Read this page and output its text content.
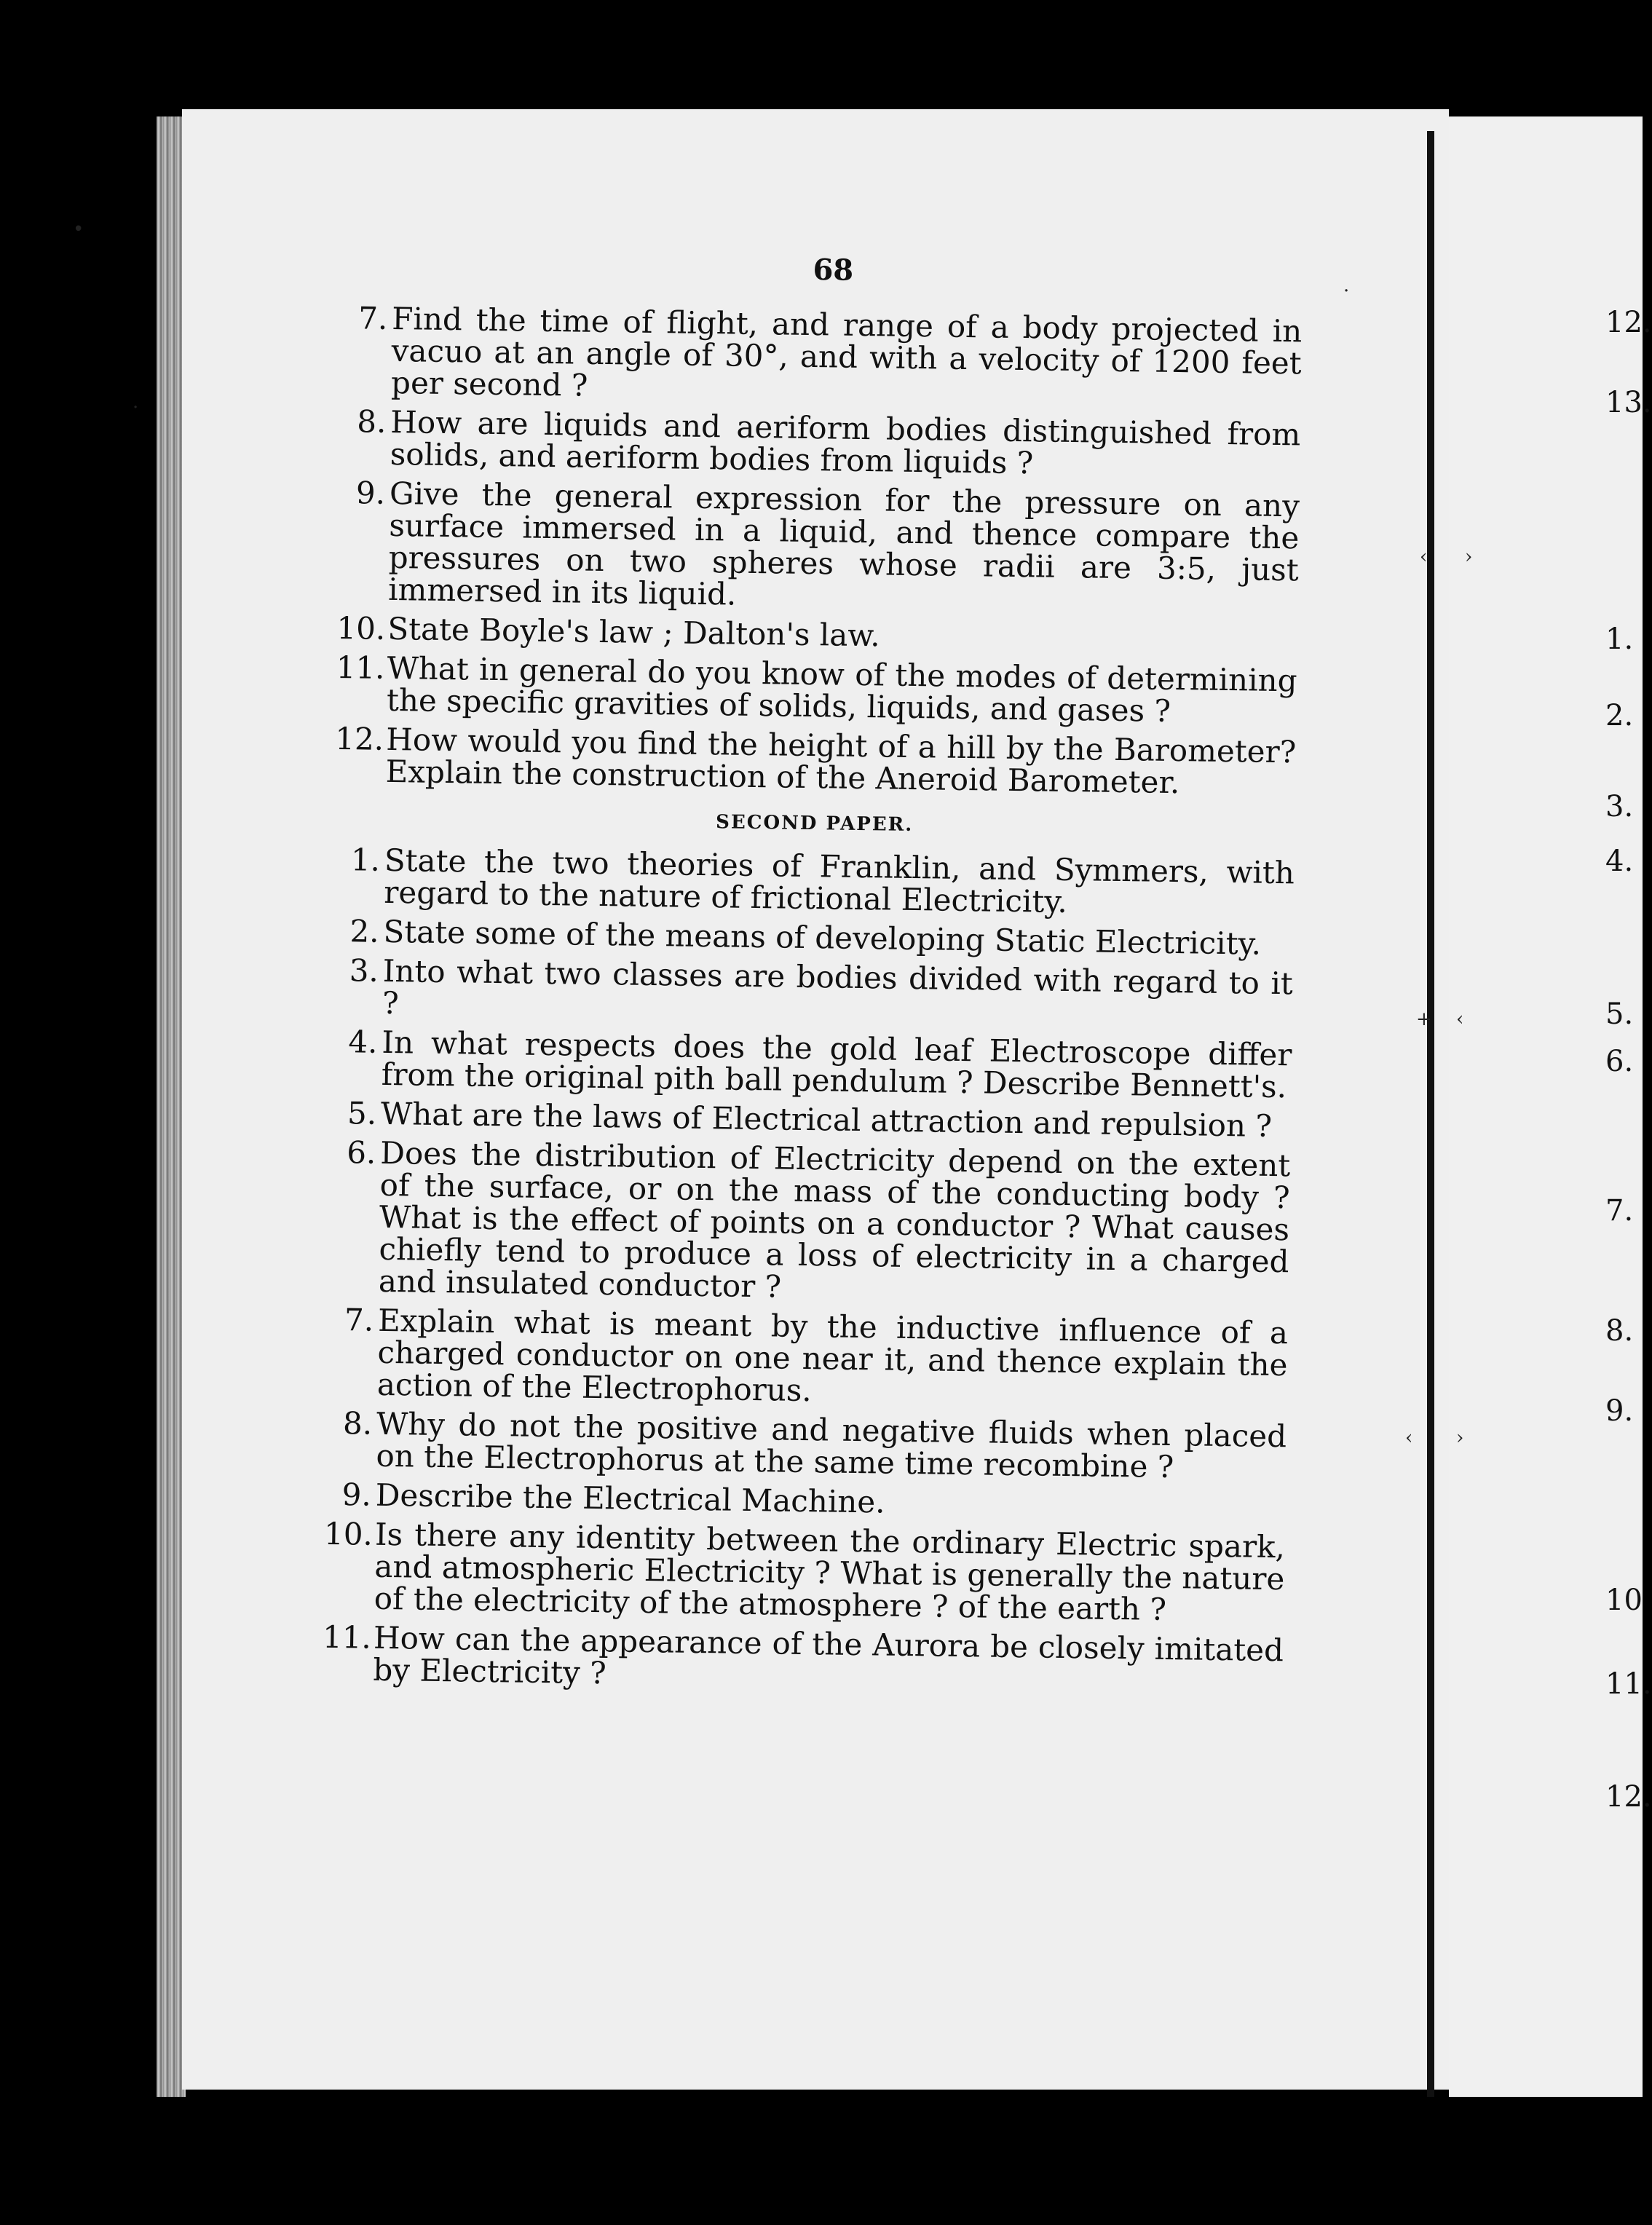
68
7. Find the time of flight, and range of a body projected in vacuo at an angle of 30°, and with a velocity of 1200 feet per second ?
8. How are liquids and aeriform bodies distinguished from solids, and aeriform bodies from liquids ?
9. Give the general expression for the pressure on any surface immersed in a liquid, and thence compare the pressures on two spheres whose radii are 3:5, just immersed in its liquid.
10. State Boyle's law ; Dalton's law.
11. What in general do you know of the modes of determining the specific gravities of solids, liquids, and gases ?
12. How would you find the height of a hill by the Barometer? Explain the construction of the Aneroid Barometer.
SECOND PAPER.
1. State the two theories of Franklin, and Symmers, with regard to the nature of frictional Electricity.
2. State some of the means of developing Static Electricity.
3. Into what two classes are bodies divided with regard to it ?
4. In what respects does the gold leaf Electroscope differ from the original pith ball pendulum ? Describe Bennett's.
5. What are the laws of Electrical attraction and repulsion ?
6. Does the distribution of Electricity depend on the extent of the surface, or on the mass of the conducting body ? What is the effect of points on a conductor ? What causes chiefly tend to produce a loss of electricity in a charged and insulated conductor ?
7. Explain what is meant by the inductive influence of a charged conductor on one near it, and thence explain the action of the Electrophorus.
8. Why do not the positive and negative fluids when placed on the Electrophorus at the same time recombine ?
9. Describe the Electrical Machine.
10. Is there any identity between the ordinary Electric spark, and atmospheric Electricity ? What is generally the nature of the electricity of the atmosphere ? of the earth ?
11. How can the appearance of the Aurora be closely imitated by Electricity ?
12.
13.
1.
2.
3.
4.
5.
6.
7.
8.
9.
10
11.
12.
•
·
·
‹ ›
+ ‹
‹ ›
